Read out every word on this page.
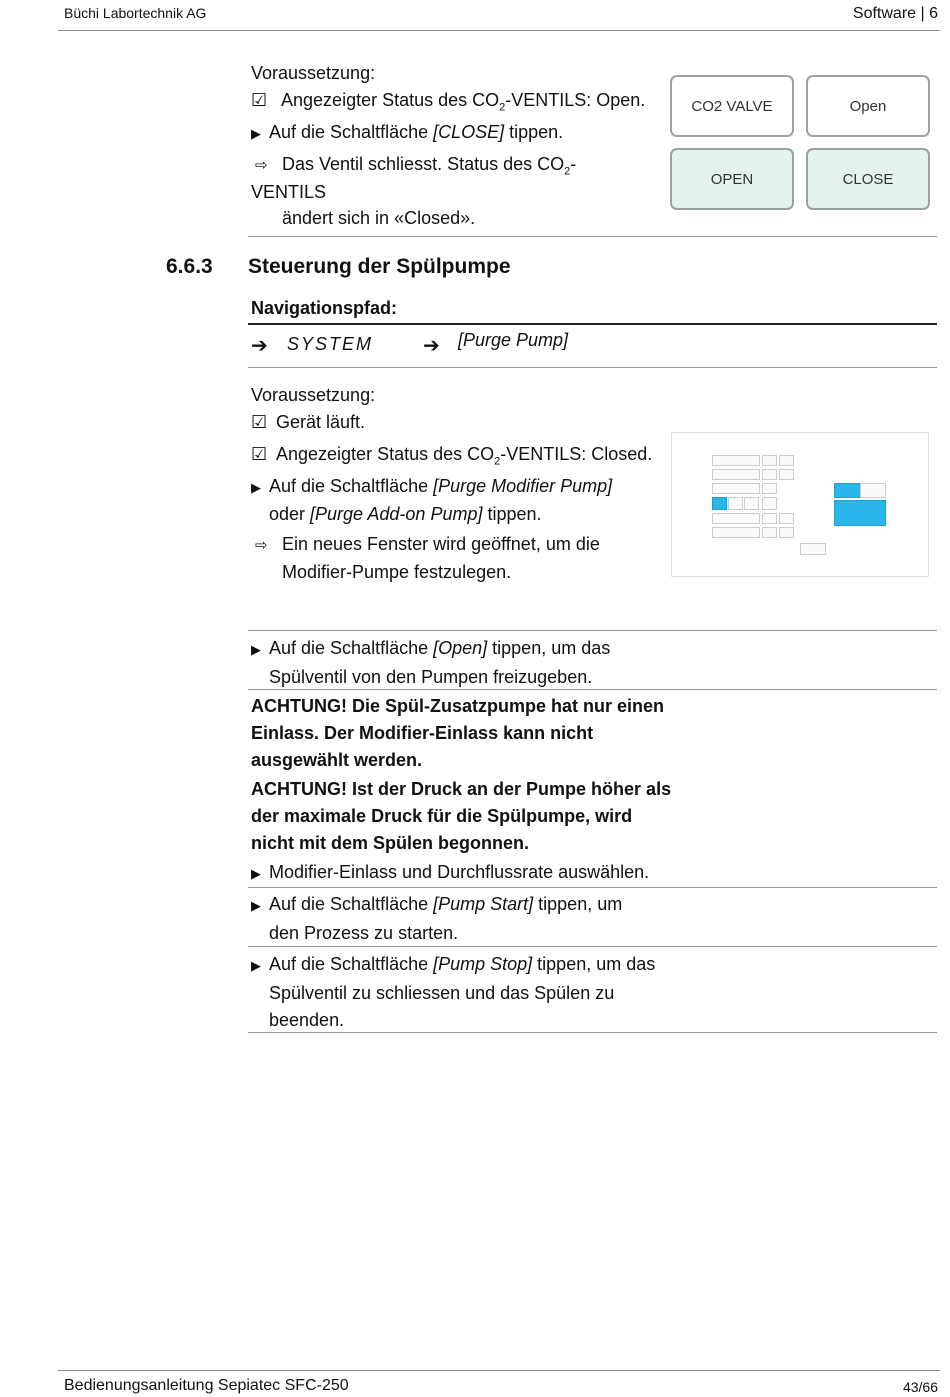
Büchi Labortechnik AG	Software | 6
Voraussetzung:
☑ Angezeigter Status des $CO_2$-VENTILS: Open.
▶ Auf die Schaltfläche [CLOSE] tippen.
⇨ Das Ventil schliesst. Status des $CO_2$-VENTILS
ändert sich in «Closed».
CO2 VALVE	Open
OPEN	CLOSE
6.6.3 Steuerung der Spülpumpe
Navigationspfad:
➔ SYSTEM ➔ [Purge Pump]
Voraussetzung:
☑ Gerät läuft.
☑ Angezeigter Status des $CO_2$-VENTILS: Closed.
▶ Auf die Schaltfläche [Purge Modifier Pump]
oder [Purge Add-on Pump] tippen.
⇨ Ein neues Fenster wird geöffnet, um die
Modifier-Pumpe festzulegen.
▶ Auf die Schaltfläche [Open] tippen, um das
Spülventil von den Pumpen freizugeben.
ACHTUNG! Die Spül-Zusatzpumpe hat nur einen
Einlass. Der Modifier-Einlass kann nicht
ausgewählt werden.
ACHTUNG! Ist der Druck an der Pumpe höher als
der maximale Druck für die Spülpumpe, wird
nicht mit dem Spülen begonnen.
▶ Modifier-Einlass und Durchflussrate auswählen.
▶ Auf die Schaltfläche [Pump Start] tippen, um
den Prozess zu starten.
▶ Auf die Schaltfläche [Pump Stop] tippen, um das
Spülventil zu schliessen und das Spülen zu
beenden.
Bedienungsanleitung Sepiatec SFC-250	43/66
